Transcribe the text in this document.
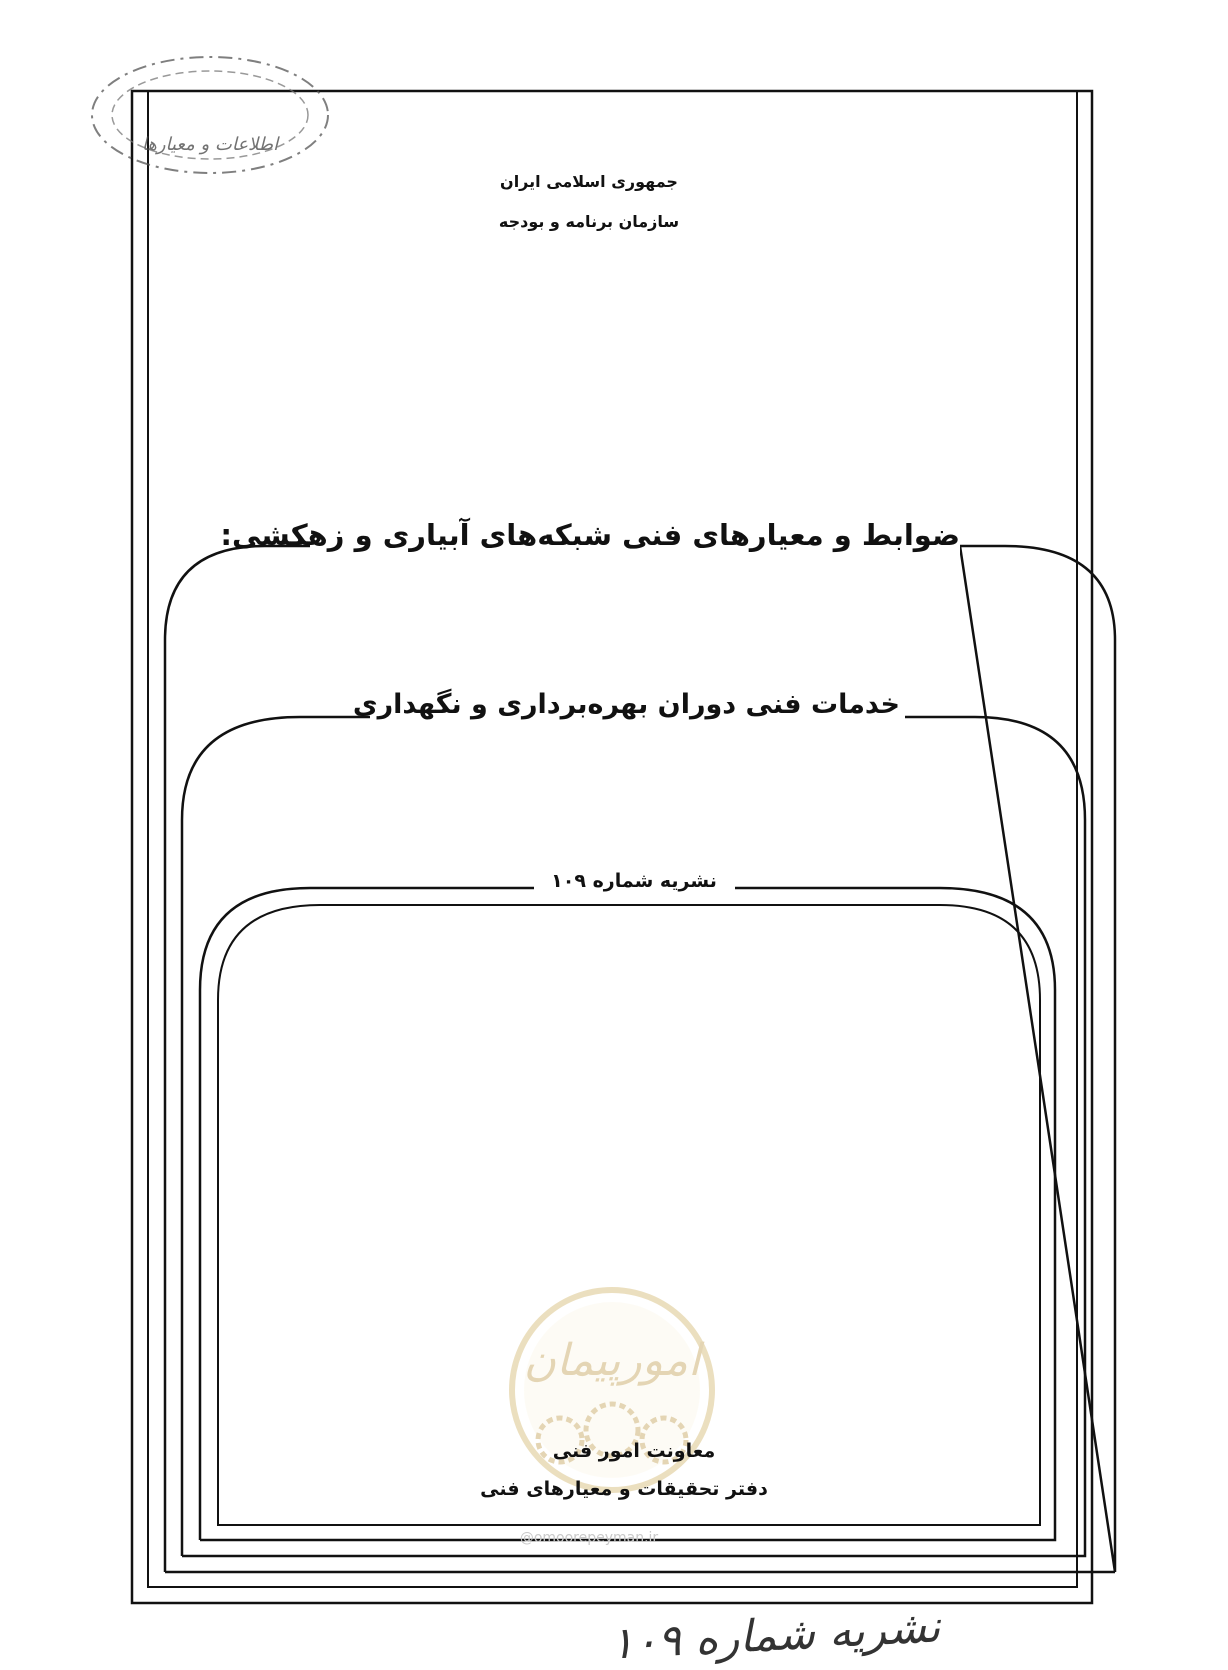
اطلاعات و معیارها
امورپیمان
جمهوری اسلامی ایران
سازمان برنامه و بودجه
ضوابط و معیارهای فنی شبکه‌های آبیاری و زهکشی:
خدمات فنی دوران بهره‌برداری و نگهداری
نشریه شماره ۱۰۹
معاونت امور فنی
دفتر تحقیقات و معیارهای فنی
@omoorepeyman.ir
نشریه شماره ۱۰۹
